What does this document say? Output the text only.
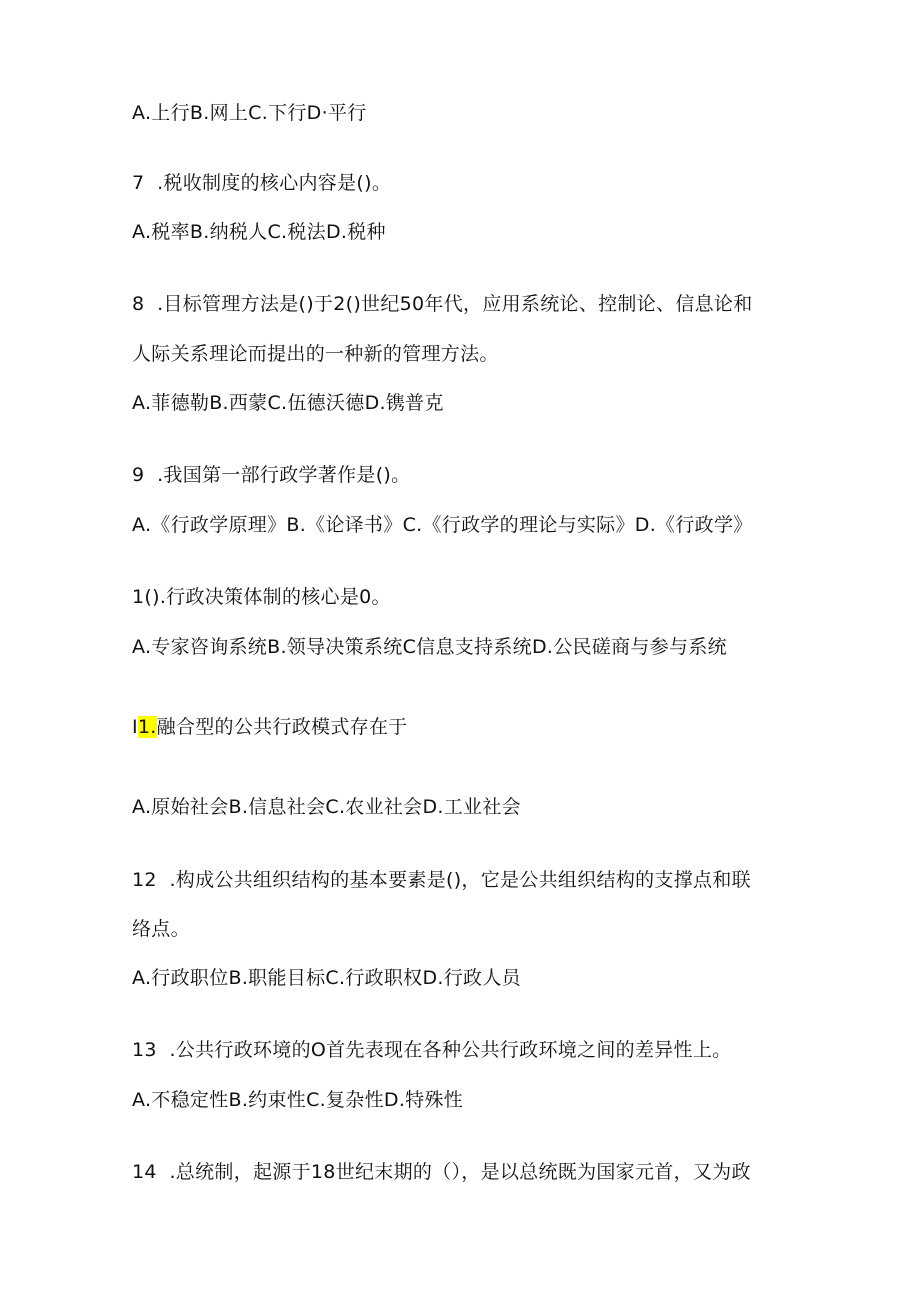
A.上行B.网上C.下行D·平行
7  .税收制度的核心内容是()。
A.税率B.纳税人C.税法D.税种
8  .目标管理方法是()于2()世纪50年代，应用系统论、控制论、信息论和
人际关系理论而提出的一种新的管理方法。
A.菲德勒B.西蒙C.伍德沃德D.镌普克
9  .我国第一部行政学著作是()。
A.《行政学原理》B.《论译书》C.《行政学的理论与实际》D.《行政学》
1().行政决策体制的核心是0。
A.专家咨询系统B.领导决策系统C信息支持系统D.公民磋商与参与系统
I1.融合型的公共行政模式存在于
A.原始社会B.信息社会C.农业社会D.工业社会
12  .构成公共组织结构的基本要素是()，它是公共组织结构的支撑点和联
络点。
A.行政职位B.职能目标C.行政职权D.行政人员
13  .公共行政环境的O首先表现在各种公共行政环境之间的差异性上。
A.不稳定性B.约束性C.复杂性D.特殊性
14  .总统制，起源于18世纪末期的（），是以总统既为国家元首，又为政
